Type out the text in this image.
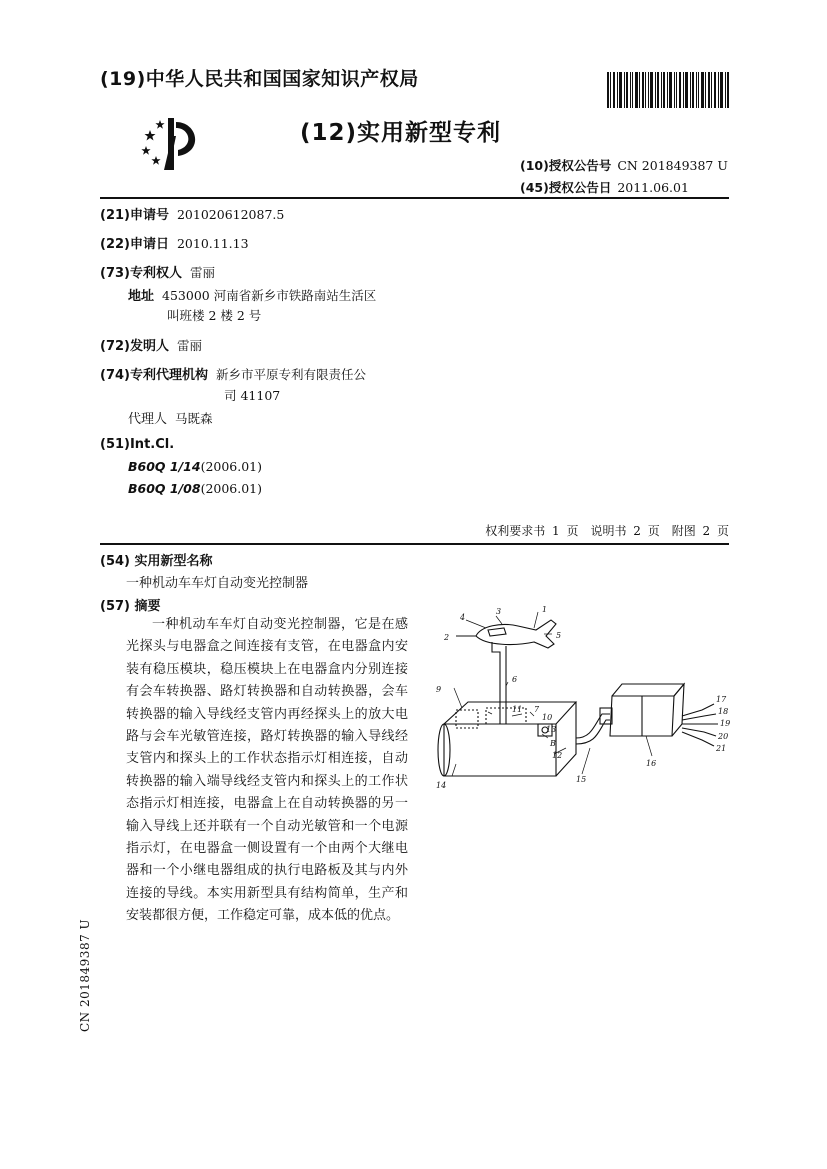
(19)中华人民共和国国家知识产权局
(12)实用新型专利
(10)授权公告号 CN 201849387 U
(45)授权公告日 2011.06.01
(21)申请号 201020612087.5
(22)申请日 2010.11.13
(73)专利权人 雷丽
地址 453000 河南省新乡市铁路南站生活区
叫班楼 2 楼 2 号
(72)发明人 雷丽
(74)专利代理机构 新乡市平原专利有限责任公
司 41107
代理人 马既森
(51)Int.Cl.
B60Q 1/14(2006.01)
B60Q 1/08(2006.01)
权利要求书 1 页　说明书 2 页　附图 2 页
(54) 实用新型名称
一种机动车车灯自动变光控制器
(57) 摘要
一种机动车车灯自动变光控制器，它是在感光探头与电器盒之间连接有支管，在电器盒内安装有稳压模块，稳压模块上在电器盒内分别连接有会车转换器、路灯转换器和自动转换器，会车转换器的输入导线经支管内再经探头上的放大电路与会车光敏管连接，路灯转换器的输入导线经支管内和探头上的工作状态指示灯相连接，自动转换器的输入端导线经支管内和探头上的工作状态指示灯相连接，电器盒上在自动转换器的另一输入导线上还并联有一个自动光敏管和一个电源指示灯，在电器盒一侧设置有一个由两个大继电器和一个小继电器组成的执行电路板及其与内外连接的导线。本实用新型具有结构简单，生产和安装都很方便，工作稳定可靠，成本低的优点。
1
2
3
4
5
6
7
9
10
11
13
B
12
14
15
16
17
18
19
20
21
CN 201849387 U
